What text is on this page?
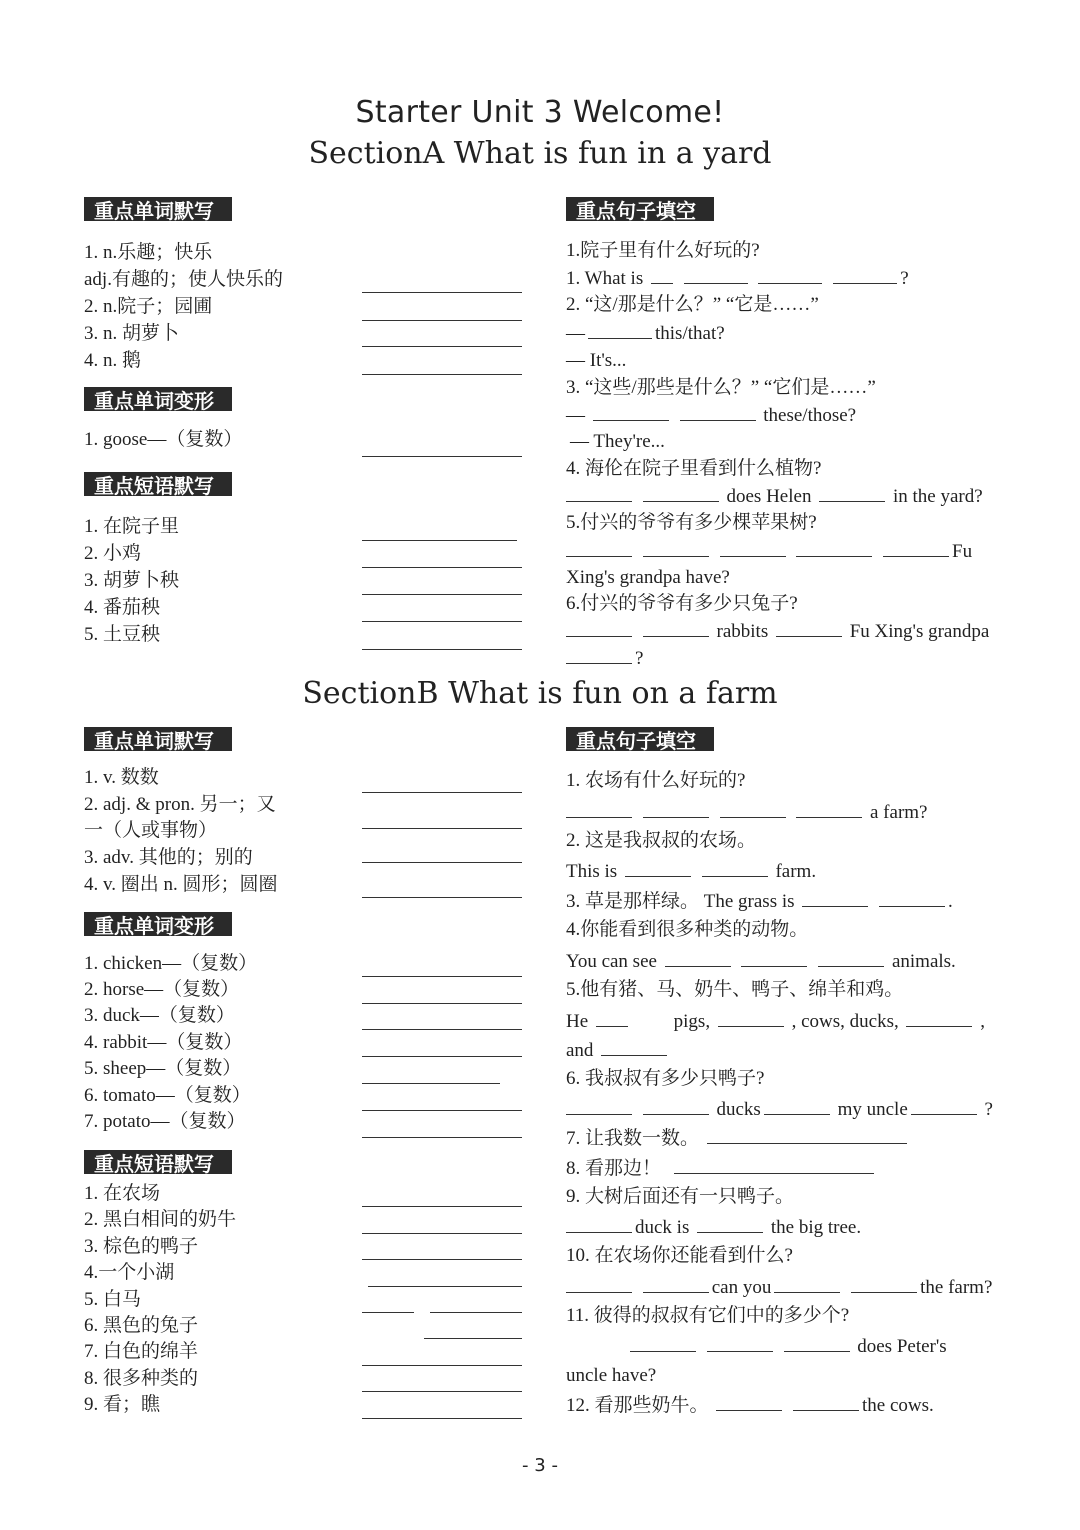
Starter Unit 3 Welcome!
SectionA What is fun in a yard
重点单词默写
1. n.乐趣；快乐
adj.有趣的；使人快乐的
2. n.院子；园圃
3. n. 胡萝卜
4. n. 鹅
重点单词变形
1. goose—（复数）
重点短语默写
1. 在院子里
2. 小鸡
3. 胡萝卜秧
4. 番茄秧
5. 土豆秧
重点句子填空
1.院子里有什么好玩的?
1. What is	?
2. “这/那是什么？” “它是……”
—	this/that?
— It's...
3. “这些/那些是什么？” “它们是……”
—	these/those?
— They're...
4. 海伦在院子里看到什么植物?
does Helen	in the yard?
5.付兴的爷爷有多少棵苹果树?
Fu
Xing's grandpa have?
6.付兴的爷爷有多少只兔子?
rabbits	Fu Xing's grandpa
?
SectionB What is fun on a farm
重点单词默写
1. v. 数数
2. adj. & pron. 另一；又
一（人或事物）
3. adv. 其他的；别的
4. v. 圈出 n. 圆形；圆圈
重点单词变形
1. chicken—（复数）
2. horse—（复数）
3. duck—（复数）
4. rabbit—（复数）
5. sheep—（复数）
6. tomato—（复数）
7. potato—（复数）
重点短语默写
1. 在农场
2. 黑白相间的奶牛
3. 棕色的鸭子
4.一个小湖
5. 白马
6. 黑色的兔子
7. 白色的绵羊
8. 很多种类的
9. 看；瞧
重点句子填空
1. 农场有什么好玩的?
a farm?
2. 这是我叔叔的农场。
This is	farm.
3. 草是那样绿。 The grass is	.
4.你能看到很多种类的动物。
You can see	animals.
5.他有猪、马、奶牛、鸭子、绵羊和鸡。
He	pigs,	, cows, ducks,	,
and
6. 我叔叔有多少只鸭子?
ducks	my uncle	?
7. 让我数一数。
8. 看那边！
9. 大树后面还有一只鸭子。
duck is	the big tree.
10. 在农场你还能看到什么?
can you	the farm?
11. 彼得的叔叔有它们中的多少个?
does Peter's
uncle have?
12. 看那些奶牛。	the cows.
- 3 -
